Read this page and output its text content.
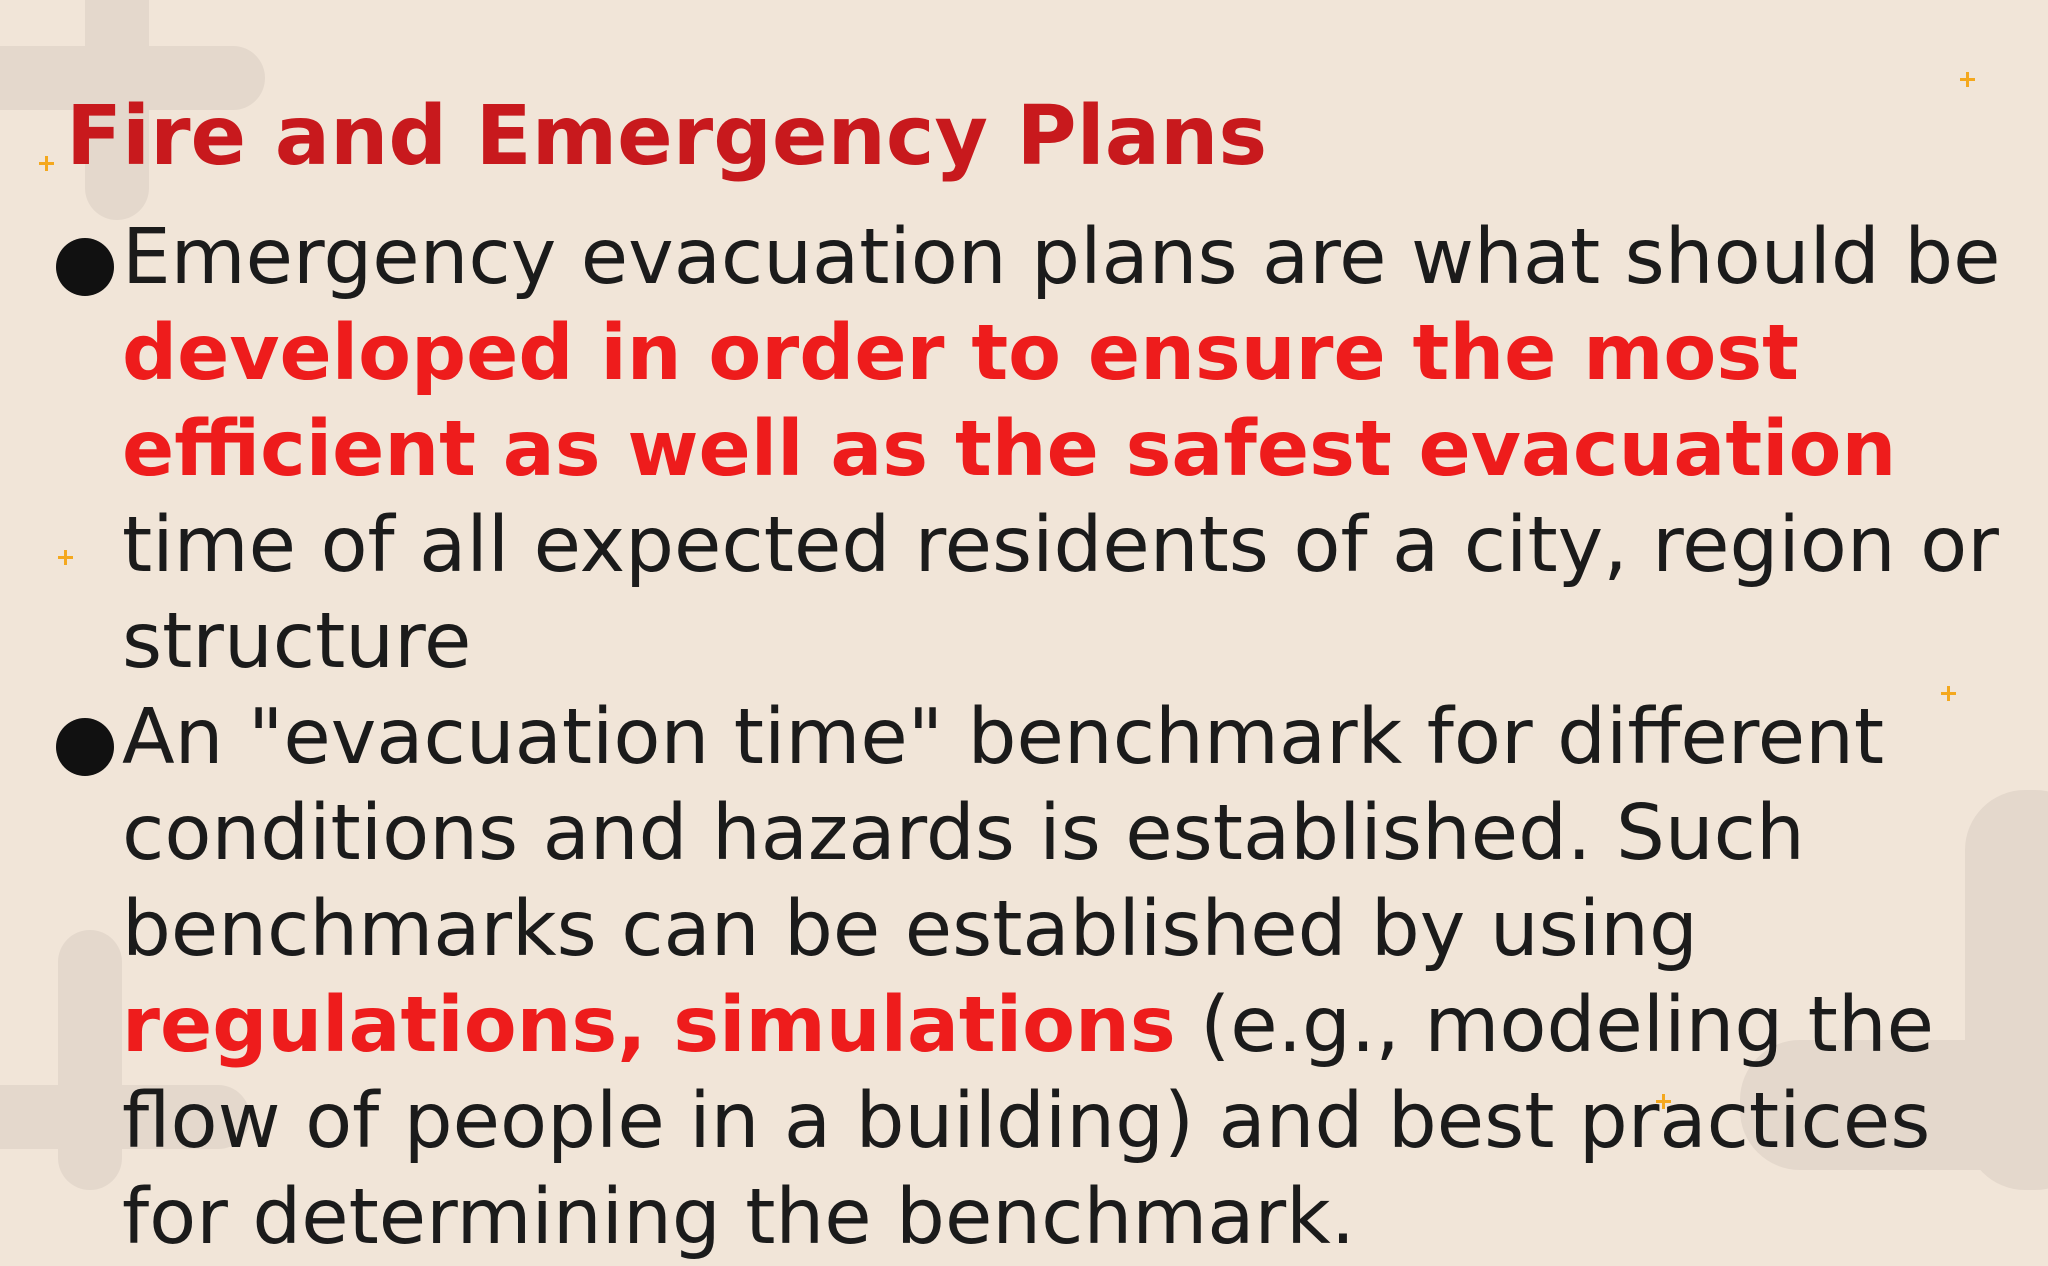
Fire and Emergency Plans
Emergency evacuation plans are what should be developed in order to ensure the most efficient as well as the safest evacuation time of all expected residents of a city, region or structure
An "evacuation time" benchmark for different conditions and hazards is established. Such benchmarks can be established by using regulations, simulations (e.g., modeling the flow of people in a building) and best practices for determining the benchmark.
